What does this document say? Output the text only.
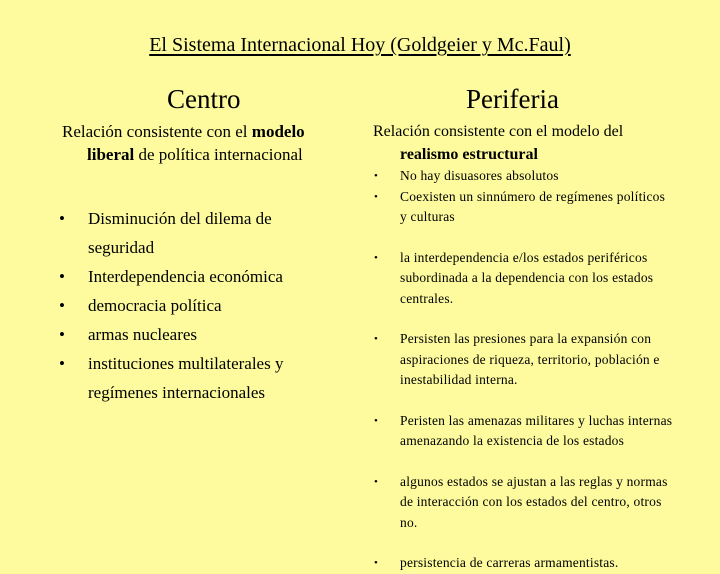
El Sistema Internacional Hoy (Goldgeier y Mc.Faul)
Centro	Periferia
Relación consistente con el modelo
liberal de política internacional
• Disminución del dilema de seguridad
• Interdependencia económica
• democracia política
• armas nucleares
• instituciones multilaterales y regímenes internacionales
Relación consistente con el modelo del
realismo estructural
• No hay disuasores absolutos
• Coexisten un sinnúmero de regímenes políticos y culturas
• la interdependencia e/los estados periféricos subordinada a la dependencia con los estados centrales.
• Persisten las presiones para la expansión con aspiraciones de riqueza, territorio, población e inestabilidad interna.
• Peristen las amenazas militares y luchas internas amenazando la existencia de los estados
• algunos estados se ajustan a las reglas y normas de interacción con los estados del centro, otros no.
• persistencia de carreras armamentistas.
